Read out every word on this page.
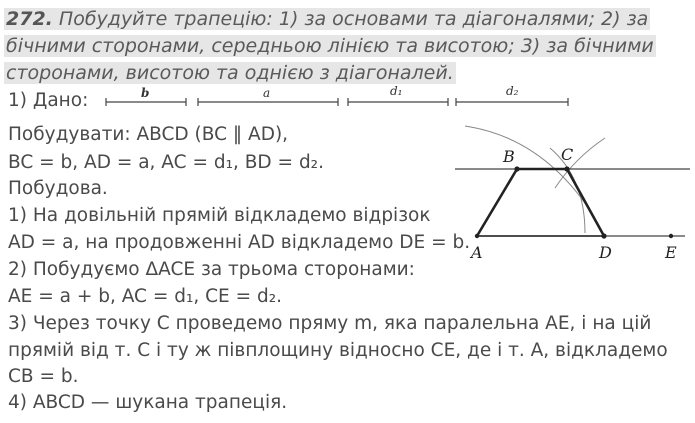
272. Побудуйте трапецію: 1) за основами та діагоналями; 2) за
бічними сторонами, середньою лінією та висотою; 3) за бічними
сторонами, висотою та однією з діагоналей.
1) Дано:	b	a	d₁	d₂
Побудувати: ABCD (BC ‖ AD),
BC = b, AD = a, AC = d₁, BD = d₂.
Побудова.
1) На довільній прямій відкладемо відрізок
AD = a, на продовженні AD відкладемо DE = b.
2) Побудуємо ΔACE за трьома сторонами:
AE = a + b, AC = d₁, CE = d₂.
3) Через точку C проведемо пряму m, яка паралельна AE, і на цій
прямій від т. C і ту ж півплощину відносно CE, де і т. A, відкладемо
CB = b.
4) ABCD — шукана трапеція.
B	C
A	D	E
